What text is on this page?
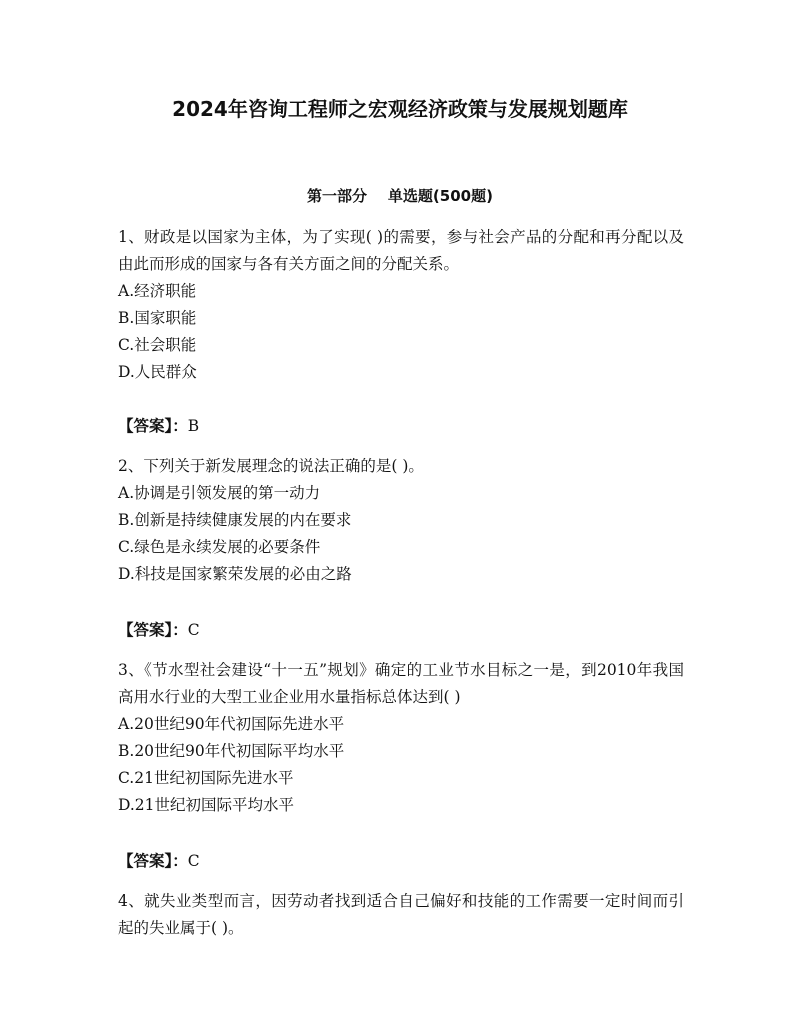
2024年咨询工程师之宏观经济政策与发展规划题库
第一部分    单选题(500题)
1、财政是以国家为主体，为了实现( )的需要，参与社会产品的分配和再分配以及由此而形成的国家与各有关方面之间的分配关系。
A.经济职能
B.国家职能
C.社会职能
D.人民群众
【答案】：B
2、下列关于新发展理念的说法正确的是( )。
A.协调是引领发展的第一动力
B.创新是持续健康发展的内在要求
C.绿色是永续发展的必要条件
D.科技是国家繁荣发展的必由之路
【答案】：C
3、《节水型社会建设“十一五”规划》确定的工业节水目标之一是，到2010年我国高用水行业的大型工业企业用水量指标总体达到( )
A.20世纪90年代初国际先进水平
B.20世纪90年代初国际平均水平
C.21世纪初国际先进水平
D.21世纪初国际平均水平
【答案】：C
4、就失业类型而言，因劳动者找到适合自己偏好和技能的工作需要一定时间而引起的失业属于( )。
